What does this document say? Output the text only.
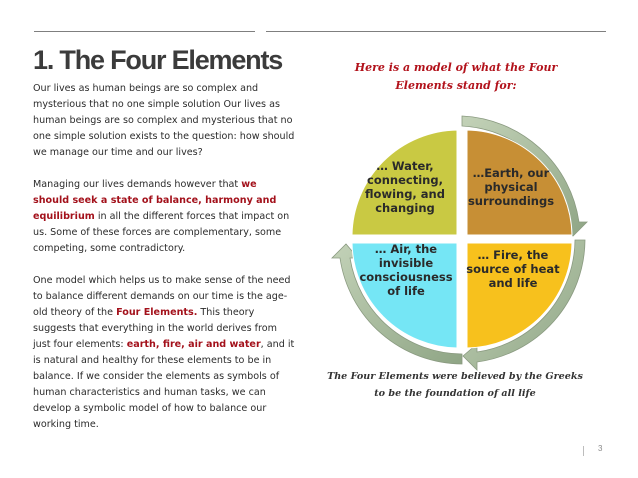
1. The Four Elements

Our lives as human beings are so complex and mysterious that no one simple solution Our lives as human beings are so complex and mysterious that no one simple solution exists to the question: how should we manage our time and our lives?

Managing our lives demands however that we should seek a state of balance, harmony and equilibrium in all the different forces that impact on us. Some of these forces are complementary, some competing, some contradictory.

One model which helps us to make sense of the need to balance different demands on our time is the age-old theory of the Four Elements. This theory suggests that everything in the world derives from just four elements: earth, fire, air and water, and it is natural and healthy for these elements to be in balance. If we consider the elements as symbols of human characteristics and human tasks, we can develop a symbolic model of how to balance our working time.

Here is a model of what the Four Elements stand for:
… Water, connecting, flowing, and changing
…Earth, our physical surroundings
… Air, the invisible consciousness of life
… Fire, the source of heat and life
The Four Elements were believed by the Greeks to be the foundation of all life
3
